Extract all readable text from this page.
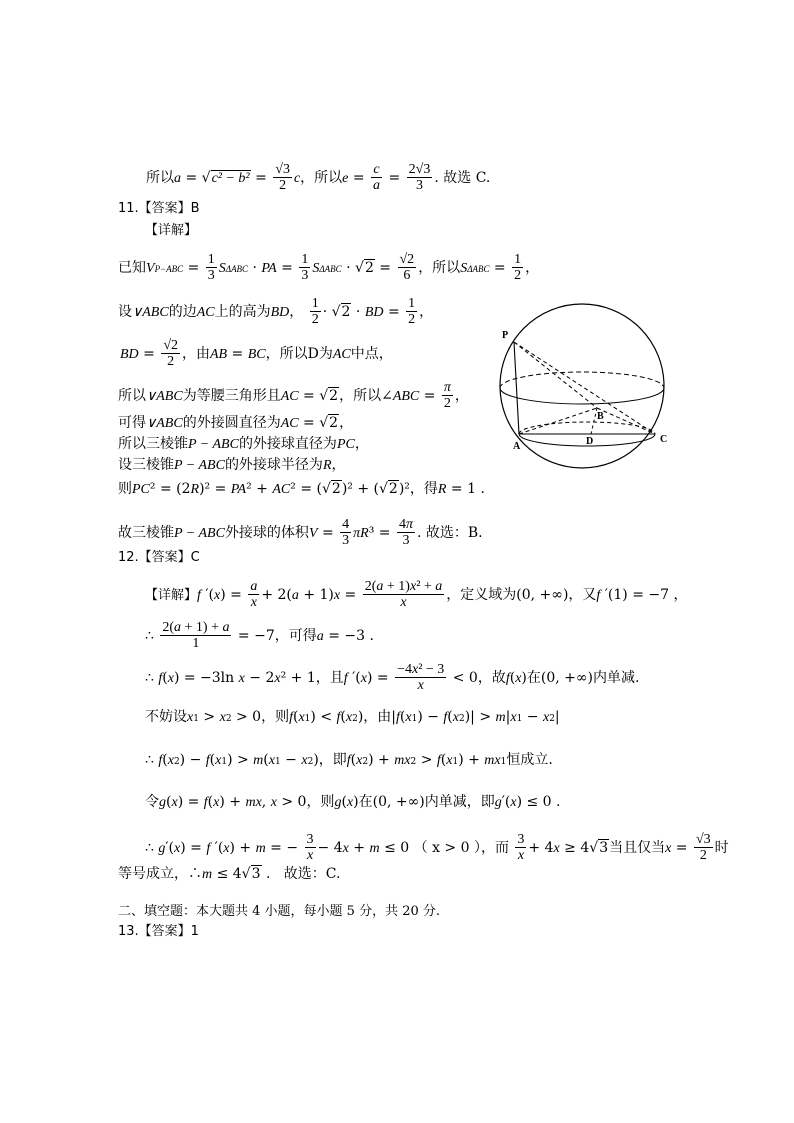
所以$a = √c^2 - b^2 = \frac{√3}{2}$ c，所以$e = \frac{c}{a} = \frac{2√3}{3}$ . 故选 C.
11.【答案】B
【详解】
已知$VP-ABC = \frac{1}{3}$ SΔABC · PA = $\frac{1}{3}$ $S\Delta ABC \cdot √2 = \frac{√2}{6}$ ，所以$S\Delta ABC = \frac{1}{2}$ ，
设∨ABC的边AC上的高为BD， $\frac{1}{2} \cdot √2$ · BD = $\frac{1}{2}$ ，
BD = $\frac{√2}{2}$ ，由AB = BC，所以D为AC中点，
所以∨ABC为等腰三角形且AC = √2，所以∠ABC = $\frac{\pi}{2}$ ，
可得∨ABC的外接圆直径为AC = √2，
所以三棱锥P − ABC的外接球直径为PC，
设三棱锥P − ABC的外接球半径为R，
则PC² = (2R)² = PA² + AC² = (√2)² + (√2)²，得R = 1 .
故三棱锥P − ABC外接球的体积$V = \frac{4}{3} \pi R^3 = \frac{4\pi}{3}$ . 故选：B.
P
B
A	D	C
12.【答案】C
【详解】f $'(x) = \frac{a}{x} + 2(a + 1)x = \frac{\text{2(a + 1)x² + a}}{x}$ ，定义域为(0, +∞)，又f ′(1) = −7 ，
∴ $\frac{2(a + 1) + a}{1} = -7$，可得a = −3 .
∴ f(x) = −3ln x − 2x² + 1，且f $'(x) = \frac{\text{−4x² − 3}}{x} < 0$，故f(x)在(0, +∞)内单减.
不妨设x1 > x2 > 0，则f(x1) < f(x2)，由|f(x1) − f(x2)| > m|x1 − x2|
∴ f(x2) − f(x1) > m(x1 − x2)，即f(x2) + mx2 > f(x1) + mx1恒成立.
令g(x) = f(x) + mx, x > 0，则g(x)在(0, +∞)内单减，即g′(x) ≤ 0 .
∴ g′(x) = f ′(x) + m = − $\frac{3}{x} - 4x + m \le 0$ （ x > 0 ），而 $\frac{3}{x} + 4x \ge 4√3$当且仅当$x = \frac{√3}{2}$ 时
等号成立，∴m ≤ 4√3 .   故选：C.
二、填空题：本大题共 4 小题，每小题 5 分，共 20 分.
13.【答案】1
